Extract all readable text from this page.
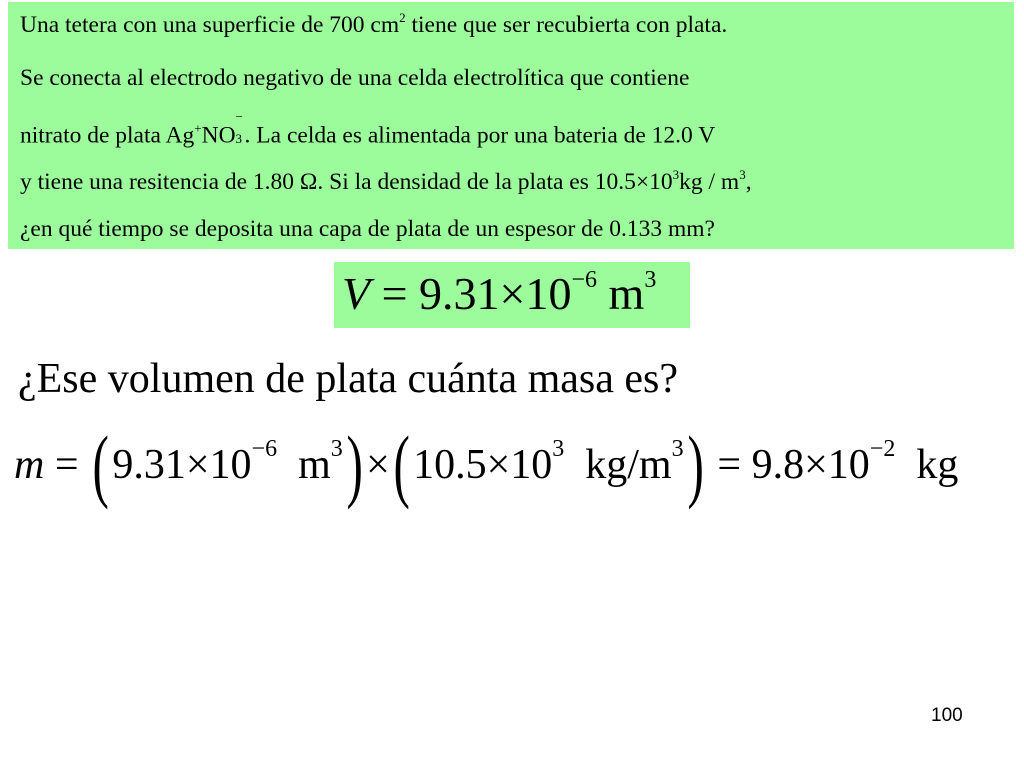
Una tetera con una superficie de 700 $cm^2$ tiene que ser recubierta con plata.
Se conecta al electrodo negativo de una celda electrolítica que contiene
nitrato de plata Ag+NO
−
3 . La celda es alimentada por una bateria de 12.0 V
y tiene una resitencia de 1.80 Ω. Si la densidad de la plata es $10.5\times 10^3kg / m^3$,
¿en qué tiempo se deposita una capa de plata de un espesor de 0.133 mm?
$V = 9.31\times 10^{-6}$ $m^3$
¿Ese volumen de plata cuánta masa es?
m = ( $9.31\times 10^{-6}$  $m^3$ ) × ( $10.5\times 10^3$  $kg/m^3$ ) = $9.8\times 10^{-2}$  kg
100
